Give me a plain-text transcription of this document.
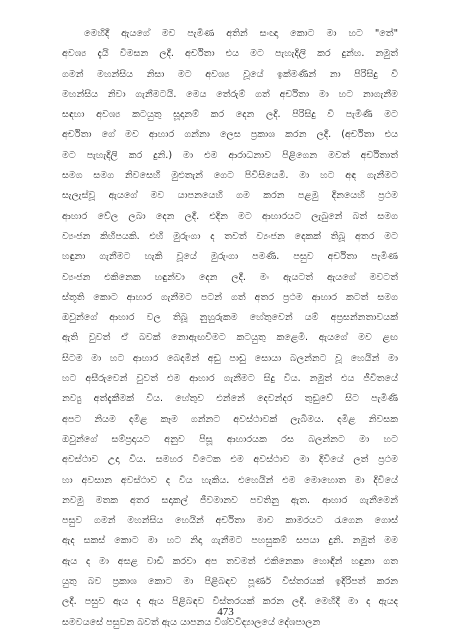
මෙහිදී ඇයගේ මව පැමිණ අතින් සංඥා කොට මා හට "තේ"
අවශ්‍ය දැයි විමසන ලදී. අර්චිතා එය මට පැහැදිලි කර දුන්හ. නමුත්
ගමන් මහන්සිය නිසා මට අවශ්‍ය වූයේ ඉක්මණින් නා පිරිසිදු වී
මහන්සිය නිවා ගැනීමටයි. මෙය තේරුම් ගත් අර්චිතා මා හට නාගැනීම
සඳහා අවශ්‍ය කටයුතු සූදානම් කර දෙන ලදි. පිරිසිදු වී පැමිණි මට
අර්චිතා ගේ මව ආහාර ගන්නා ලෙස ප්‍රකාශ කරන ලදී. (අර්චිතා එය
මට පැහැදිලි කර දුනි.) මා එම ආරාධනාව පිළිගෙන මවත් අර්චිතාත්
සමග සමග නිවසෙහි මුළුතැන් ගෙට පිවිසියෙමි. මා හට අඳ ගැනීමට
සැලැස්වූ ඇයගේ මව යාපනයෙහි ගම කරන පළමු දිනයෙහි ප්‍රථම
ආහාර වේල ලබා දෙන ලදී. එදින මට ආහාරයට ලැබුනේ බත් සමග
ව්‍යංජන කිහිපයකි. එහි මුරුංගා ද තවත් ව්‍යංජන දෙකක් තිබූ අතර මට
හඳුනා ගැනීමට හැකි වූයේ මුරුංගා පමණි. පසුව අර්චිතා පැමිණ
ව්‍යංජන එකිනෙක හඳුන්වා දෙන ලදී. මං ඇයටත් ඇයගේ මවටත්
ස්තූති කොට ආහාර ගැනීමට පටන් ගත් අතර ප්‍රථම ආහාර කටත් සමග
ඔවුන්ගේ ආහාර වල තිබූ නුහුරුකම හේතුවෙන් යම් අප්‍රසන්නතාවයක්
ඇති වුවත් ඒ බවක් නොඇඟවීමට කටයුතු කළෙමි. ඇයගේ මව ළඟ
සිටම මා හට ආහාර බෙදමින් අඩු පාඩු සොයා බලන්නට වූ හෙයින් මා
හට අසීරුවෙන් වුවත් එම ආහාර ගැනීමට සිදු විය. නමුත් එය ජීවිතයේ
නව්‍යු අත්දැකීමක් විය. හේතුව එන්නේ දෙවන්දර තුඩුවේ සිට පැමිණි
අපට නියම දමිළ කෑම ගන්නට අවස්ථාවක් ලැබීමය. දමිළ නිවසක
ඔවුන්ගේ සම්ප්‍රදායට අනුව පිසූ ආහාරයක රස බලන්නට මා හට
අවස්ථාව උදා විය. සමහර විටෙක එම අවස්ථාව මා දිවියේ ලත් ප්‍රථම
හා අවසාන අවස්ථාව ද විය හැකිය. එහෙයින් එම මොහොත මා දිවියේ
නවමු මතක අතර සදාකල් ජීවමානව පවතිනු ඇත. ආහාර ගැනීමෙන්
පසුව ගමන් මහන්සිය හෙයින් අර්චිතා මාව කාමරයට රැගෙන ගොස්
ඇද සකස් කොට මා හට නිදා ගැනීමට පහසුකම් සපයා දුනි. නමුත් මම
ඇය ද මා අසළ වාඩි කරවා අප තවමත් එකිනෙකා හොඳින් හඳුනා ගත
යුතු බව ප්‍රකාශ කොට මා පිළිබඳව පූර්ණ විස්තරයක් ඉදිරිපත් කරන
ලදී. පසුව ඇය ද ඇය පිළිබඳව විස්තරයක් කරන ලදී. මෙහිදී මා ද ඇයද
සමවයසේ පසුවන බවත් ඇය යාපනය විශ්වවිද්‍යාලයේ දේශපාලන
473
